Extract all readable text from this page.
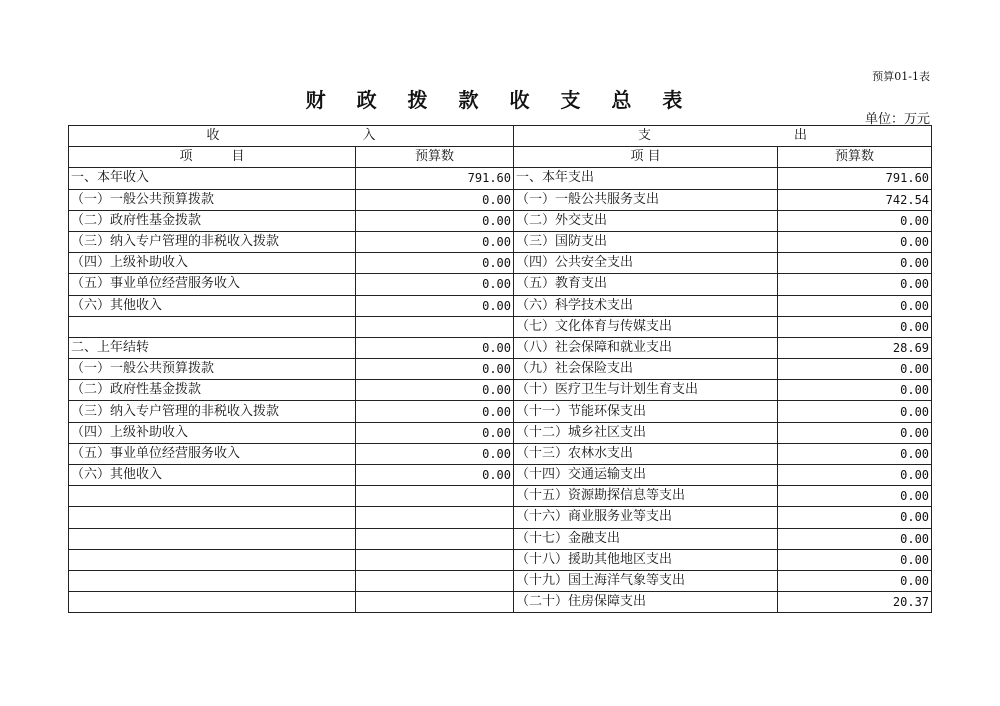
预算01-1表
财 政 拨 款 收 支 总 表
单位：万元
收　　　　　　　　　　　入		支　　　　　　　　　　　出	
项　　　目	预算数	项 目	预算数
一、本年收入	791.60	一、本年支出	791.60
（一）一般公共预算拨款	0.00	（一）一般公共服务支出	742.54
（二）政府性基金拨款	0.00	（二）外交支出	0.00
（三）纳入专户管理的非税收入拨款	0.00	（三）国防支出	0.00
（四）上级补助收入	0.00	（四）公共安全支出	0.00
（五）事业单位经营服务收入	0.00	（五）教育支出	0.00
（六）其他收入	0.00	（六）科学技术支出	0.00
		（七）文化体育与传媒支出	0.00
二、上年结转	0.00	（八）社会保障和就业支出	28.69
（一）一般公共预算拨款	0.00	（九）社会保险支出	0.00
（二）政府性基金拨款	0.00	（十）医疗卫生与计划生育支出	0.00
（三）纳入专户管理的非税收入拨款	0.00	（十一）节能环保支出	0.00
（四）上级补助收入	0.00	（十二）城乡社区支出	0.00
（五）事业单位经营服务收入	0.00	（十三）农林水支出	0.00
（六）其他收入	0.00	（十四）交通运输支出	0.00
		（十五）资源勘探信息等支出	0.00
		（十六）商业服务业等支出	0.00
		（十七）金融支出	0.00
		（十八）援助其他地区支出	0.00
		（十九）国土海洋气象等支出	0.00
		（二十）住房保障支出	20.37
